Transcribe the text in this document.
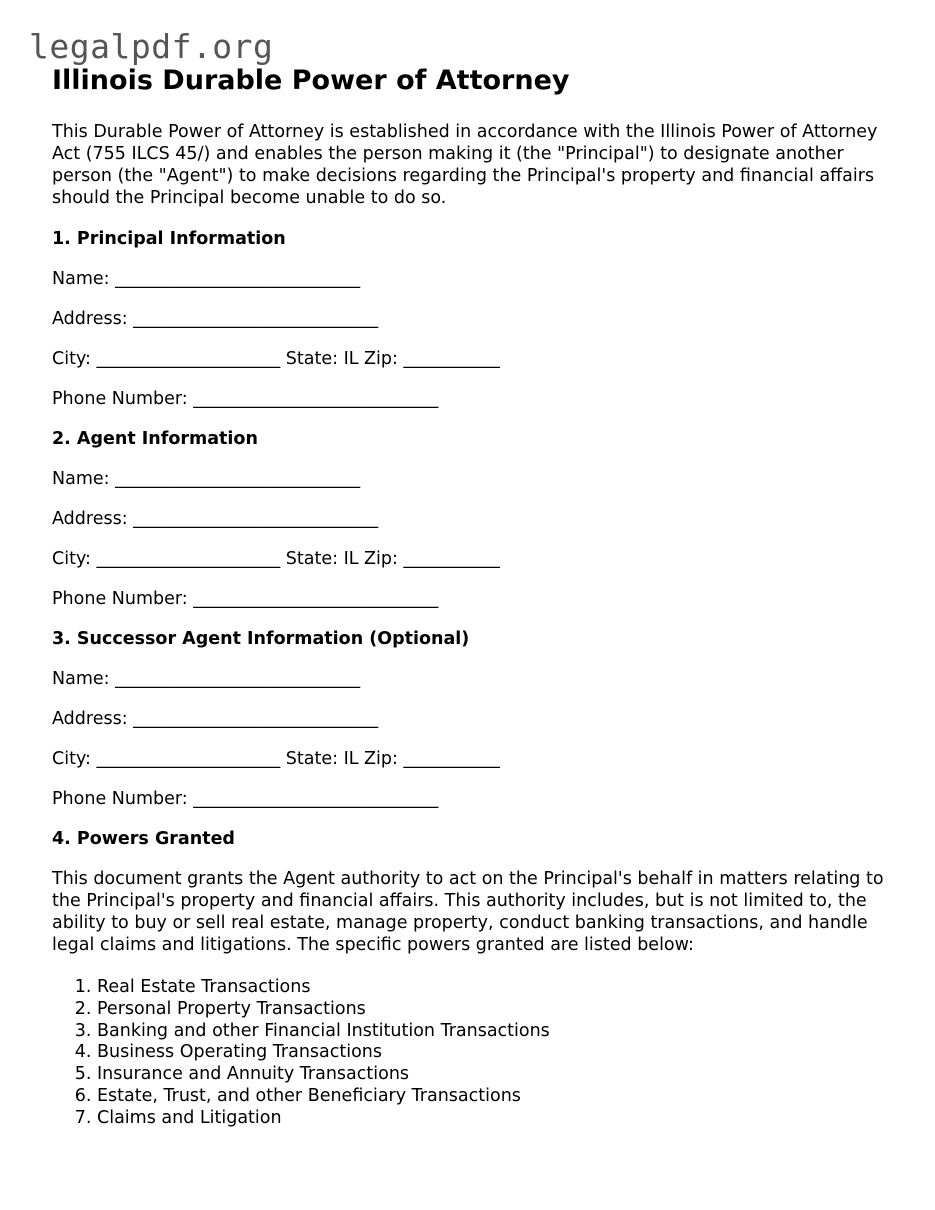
legalpdf.org
Illinois Durable Power of Attorney

This Durable Power of Attorney is established in accordance with the Illinois Power of Attorney Act (755 ILCS 45/) and enables the person making it (the "Principal") to designate another person (the "Agent") to make decisions regarding the Principal's property and financial affairs should the Principal become unable to do so.

1. Principal Information

Name: ____________________________

Address: ____________________________

City: _____________________ State: IL Zip: ___________

Phone Number: ____________________________

2. Agent Information

Name: ____________________________

Address: ____________________________

City: _____________________ State: IL Zip: ___________

Phone Number: ____________________________

3. Successor Agent Information (Optional)

Name: ____________________________

Address: ____________________________

City: _____________________ State: IL Zip: ___________

Phone Number: ____________________________

4. Powers Granted

This document grants the Agent authority to act on the Principal's behalf in matters relating to the Principal's property and financial affairs. This authority includes, but is not limited to, the ability to buy or sell real estate, manage property, conduct banking transactions, and handle legal claims and litigations. The specific powers granted are listed below:

1. Real Estate Transactions
2. Personal Property Transactions
3. Banking and other Financial Institution Transactions
4. Business Operating Transactions
5. Insurance and Annuity Transactions
6. Estate, Trust, and other Beneficiary Transactions
7. Claims and Litigation
